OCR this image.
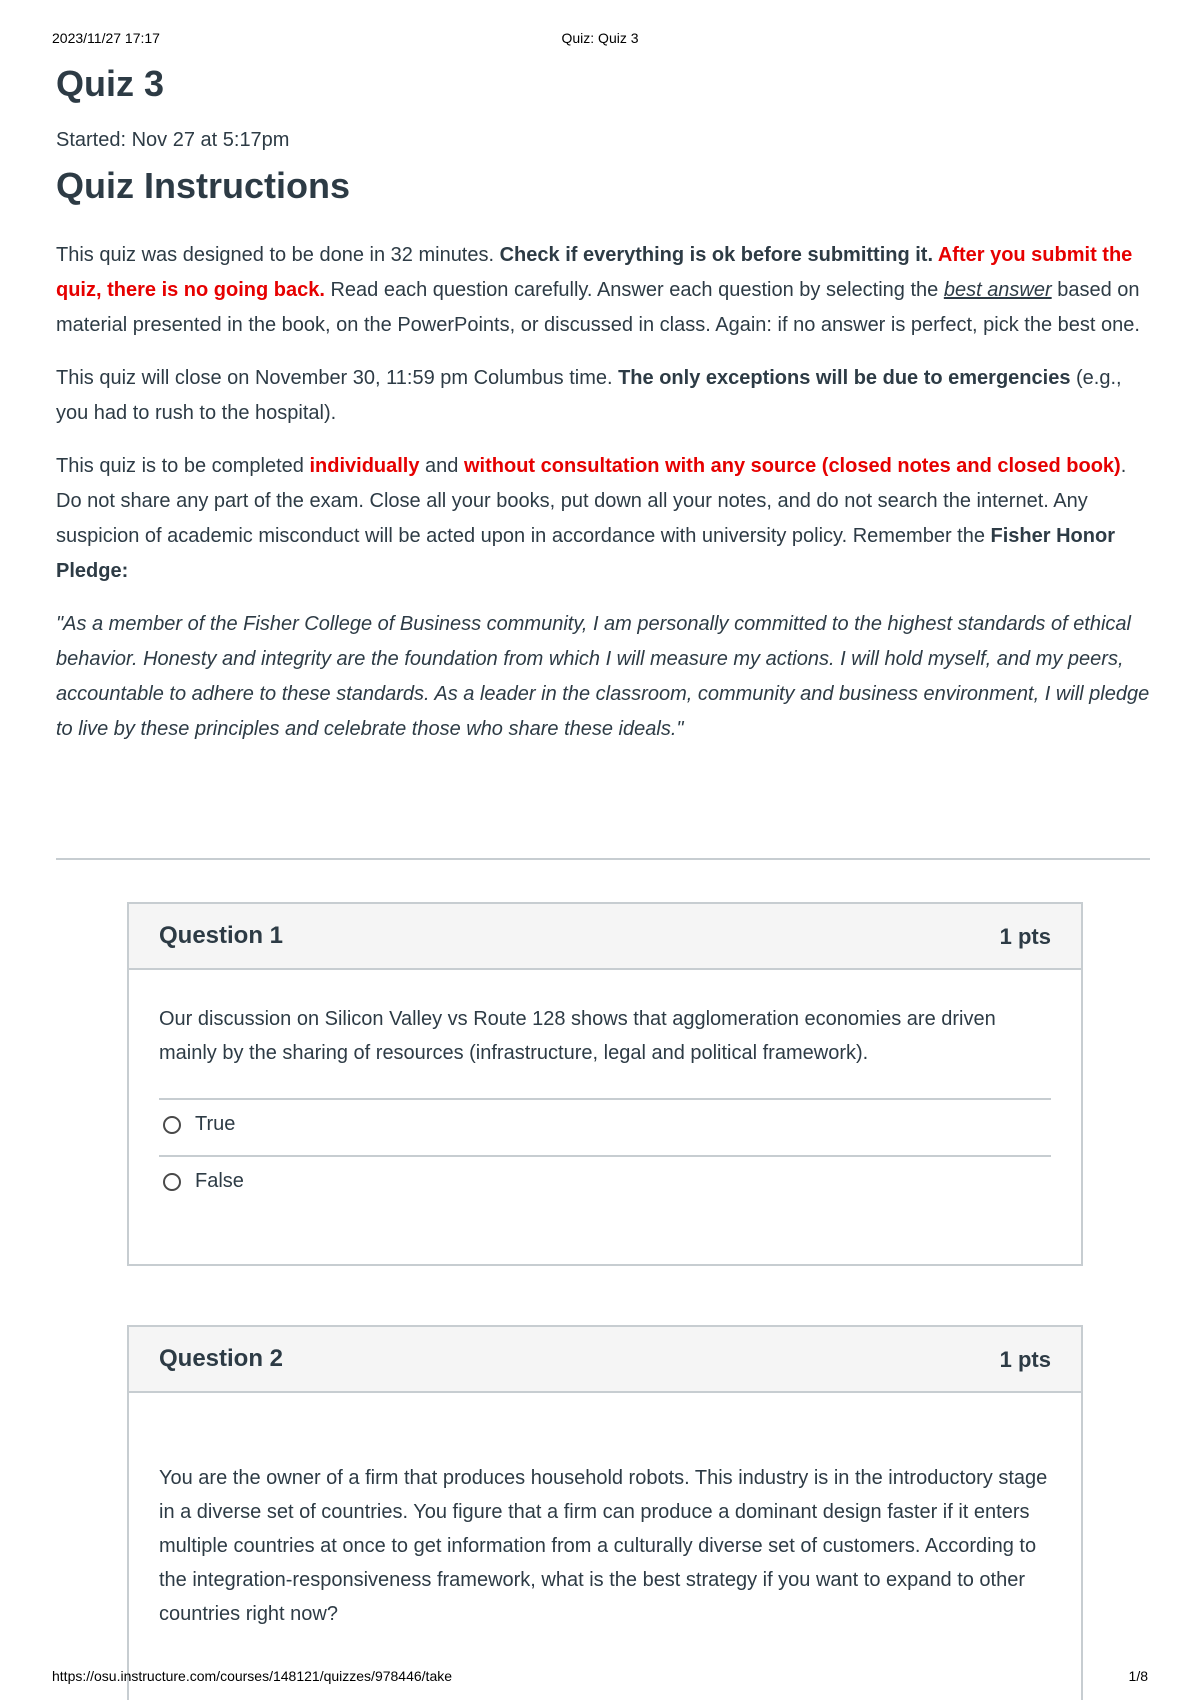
2023/11/27 17:17	Quiz: Quiz 3
Quiz 3
Started: Nov 27 at 5:17pm
Quiz Instructions

This quiz was designed to be done in 32 minutes. Check if everything is ok before submitting it. After you submit the quiz, there is no going back. Read each question carefully. Answer each question by selecting the best answer based on material presented in the book, on the PowerPoints, or discussed in class. Again: if no answer is perfect, pick the best one.

This quiz will close on November 30, 11:59 pm Columbus time. The only exceptions will be due to emergencies (e.g., you had to rush to the hospital).

This quiz is to be completed individually and without consultation with any source (closed notes and closed book). Do not share any part of the exam. Close all your books, put down all your notes, and do not search the internet. Any suspicion of academic misconduct will be acted upon in accordance with university policy. Remember the Fisher Honor Pledge:

"As a member of the Fisher College of Business community, I am personally committed to the highest standards of ethical behavior. Honesty and integrity are the foundation from which I will measure my actions. I will hold myself, and my peers, accountable to adhere to these standards. As a leader in the classroom, community and business environment, I will pledge to live by these principles and celebrate those who share these ideals."

Question 1	1 pts
Our discussion on Silicon Valley vs Route 128 shows that agglomeration economies are driven mainly by the sharing of resources (infrastructure, legal and political framework).
True
False
Question 2	1 pts
You are the owner of a firm that produces household robots. This industry is in the introductory stage in a diverse set of countries. You figure that a firm can produce a dominant design faster if it enters multiple countries at once to get information from a culturally diverse set of customers. According to the integration-responsiveness framework, what is the best strategy if you want to expand to other countries right now?
https://osu.instructure.com/courses/148121/quizzes/978446/take	1/8
